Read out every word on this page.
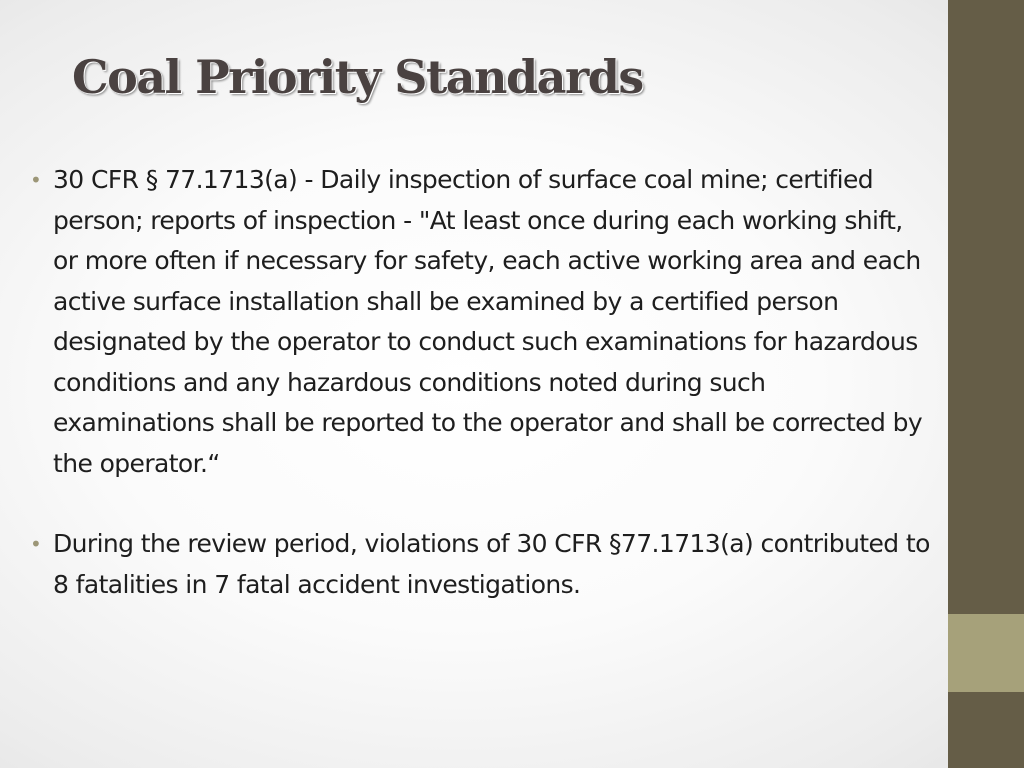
Coal Priority Standards
• 30 CFR § 77.1713(a) - Daily inspection of surface coal mine; certified person; reports of inspection - "At least once during each working shift, or more often if necessary for safety, each active working area and each active surface installation shall be examined by a certified person designated by the operator to conduct such examinations for hazardous conditions and any hazardous conditions noted during such examinations shall be reported to the operator and shall be corrected by the operator.“
• During the review period, violations of 30 CFR §77.1713(a) contributed to 8 fatalities in 7 fatal accident investigations.
